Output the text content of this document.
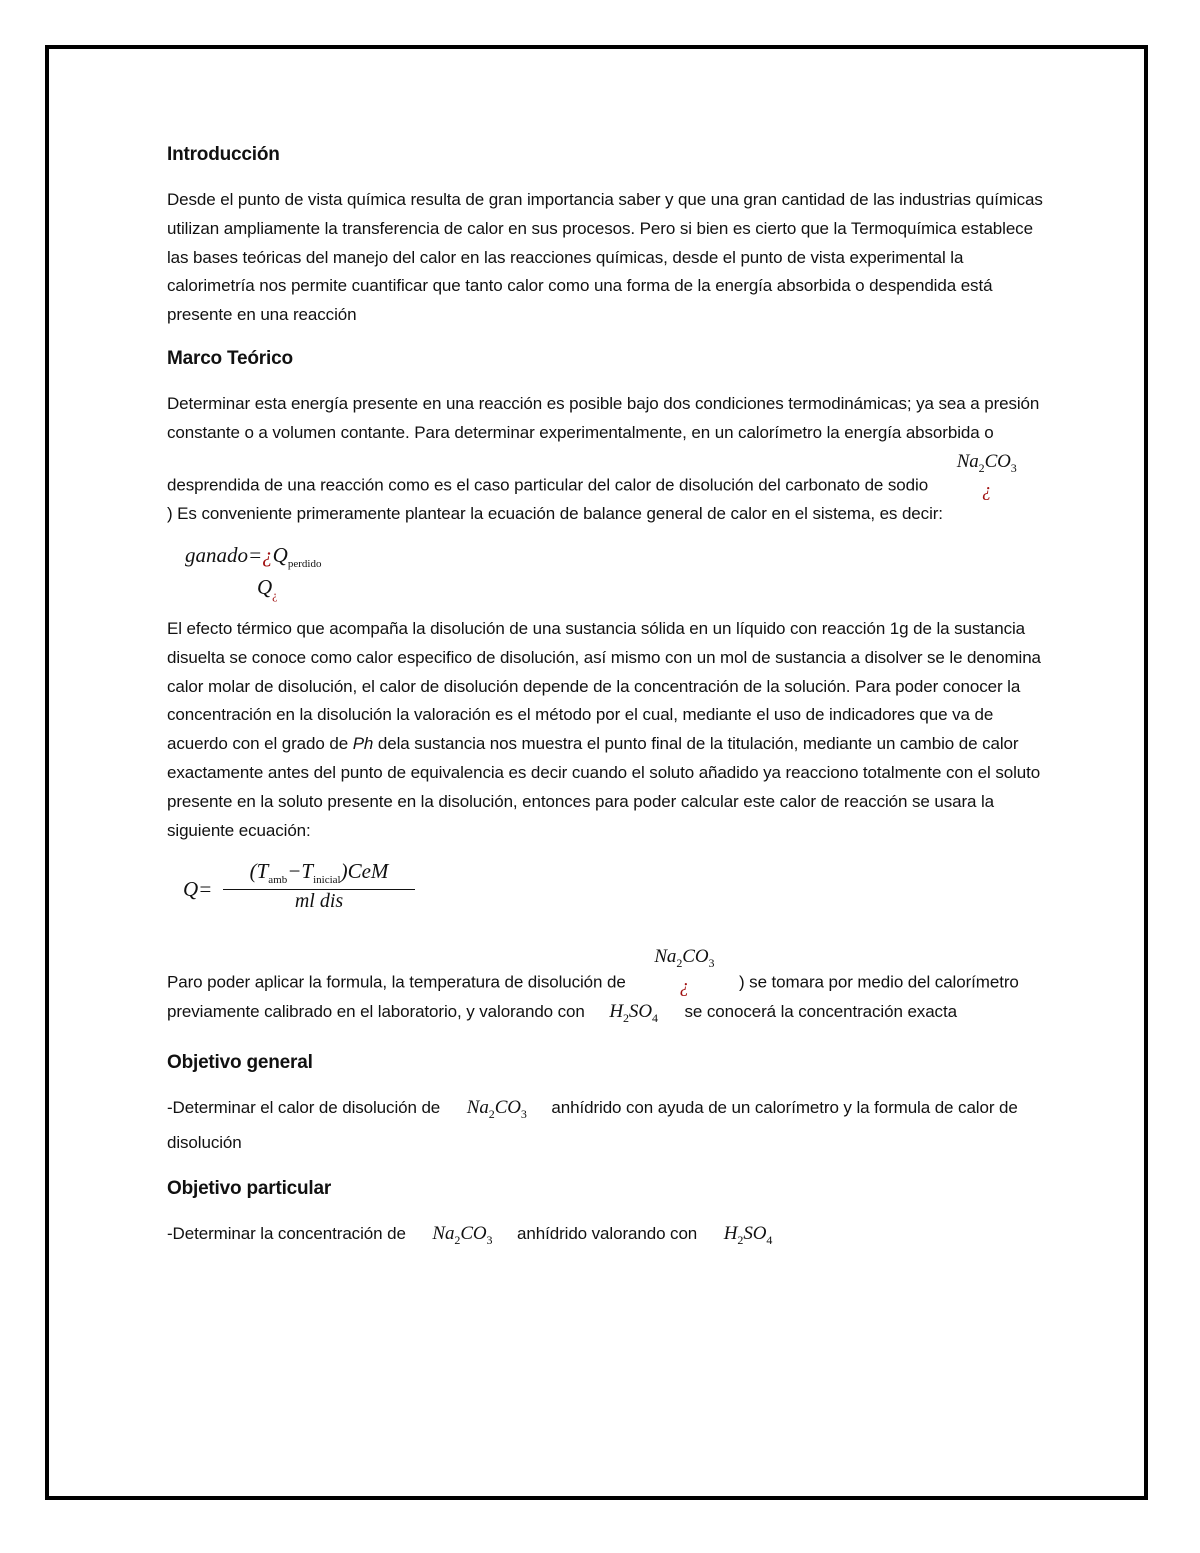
Introducción

Desde el punto de vista química resulta de gran importancia saber y que una gran cantidad de las industrias químicas utilizan ampliamente la transferencia de calor en sus procesos. Pero si bien es cierto que la Termoquímica establece las bases teóricas del manejo del calor en las reacciones químicas, desde el punto de vista experimental la calorimetría nos permite cuantificar que tanto calor como una forma de la energía absorbida o despendida está presente en una reacción

Marco Teórico

Determinar esta energía presente en una reacción es posible bajo dos condiciones termodinámicas; ya sea a presión constante o a volumen contante. Para determinar experimentalmente, en un calorímetro la energía absorbida o desprendida de una reacción como es el caso particular del calor de disolución del carbonato de sodio $Na_2CO_3$
¿
) Es conveniente primeramente plantear la ecuación de balance general de calor en el sistema, es decir:

$ganado=¿Q_{perdido}$
$Q_¿$

El efecto térmico que acompaña la disolución de una sustancia sólida en un líquido con reacción 1g de la sustancia disuelta se conoce como calor especifico de disolución, así mismo con un mol de sustancia a disolver se le denomina calor molar de disolución, el calor de disolución depende de la concentración de la solución. Para poder conocer la concentración en la disolución la valoración es el método por el cual, mediante el uso de indicadores que va de acuerdo con el grado de Ph dela sustancia nos muestra el punto final de la titulación, mediante un cambio de calor exactamente antes del punto de equivalencia es decir cuando el soluto añadido ya reacciono totalmente con el soluto presente en la soluto presente en la disolución, entonces para poder calcular este calor de reacción se usara la siguiente ecuación:

Q=
$(T_{amb}-T_{inicial})CeM$
ml dis

Paro poder aplicar la formula, la temperatura de disolución de $Na_2CO_3$
¿	) se tomara por medio del calorímetro previamente calibrado en el laboratorio, y valorando con $H_2SO_4$ se conocerá la concentración exacta

Objetivo general

-Determinar el calor de disolución de $Na_2CO_3$ anhídrido con ayuda de un calorímetro y la formula de calor de disolución

Objetivo particular

-Determinar la concentración de $Na_2CO_3$ anhídrido valorando con $H_2SO_4$
